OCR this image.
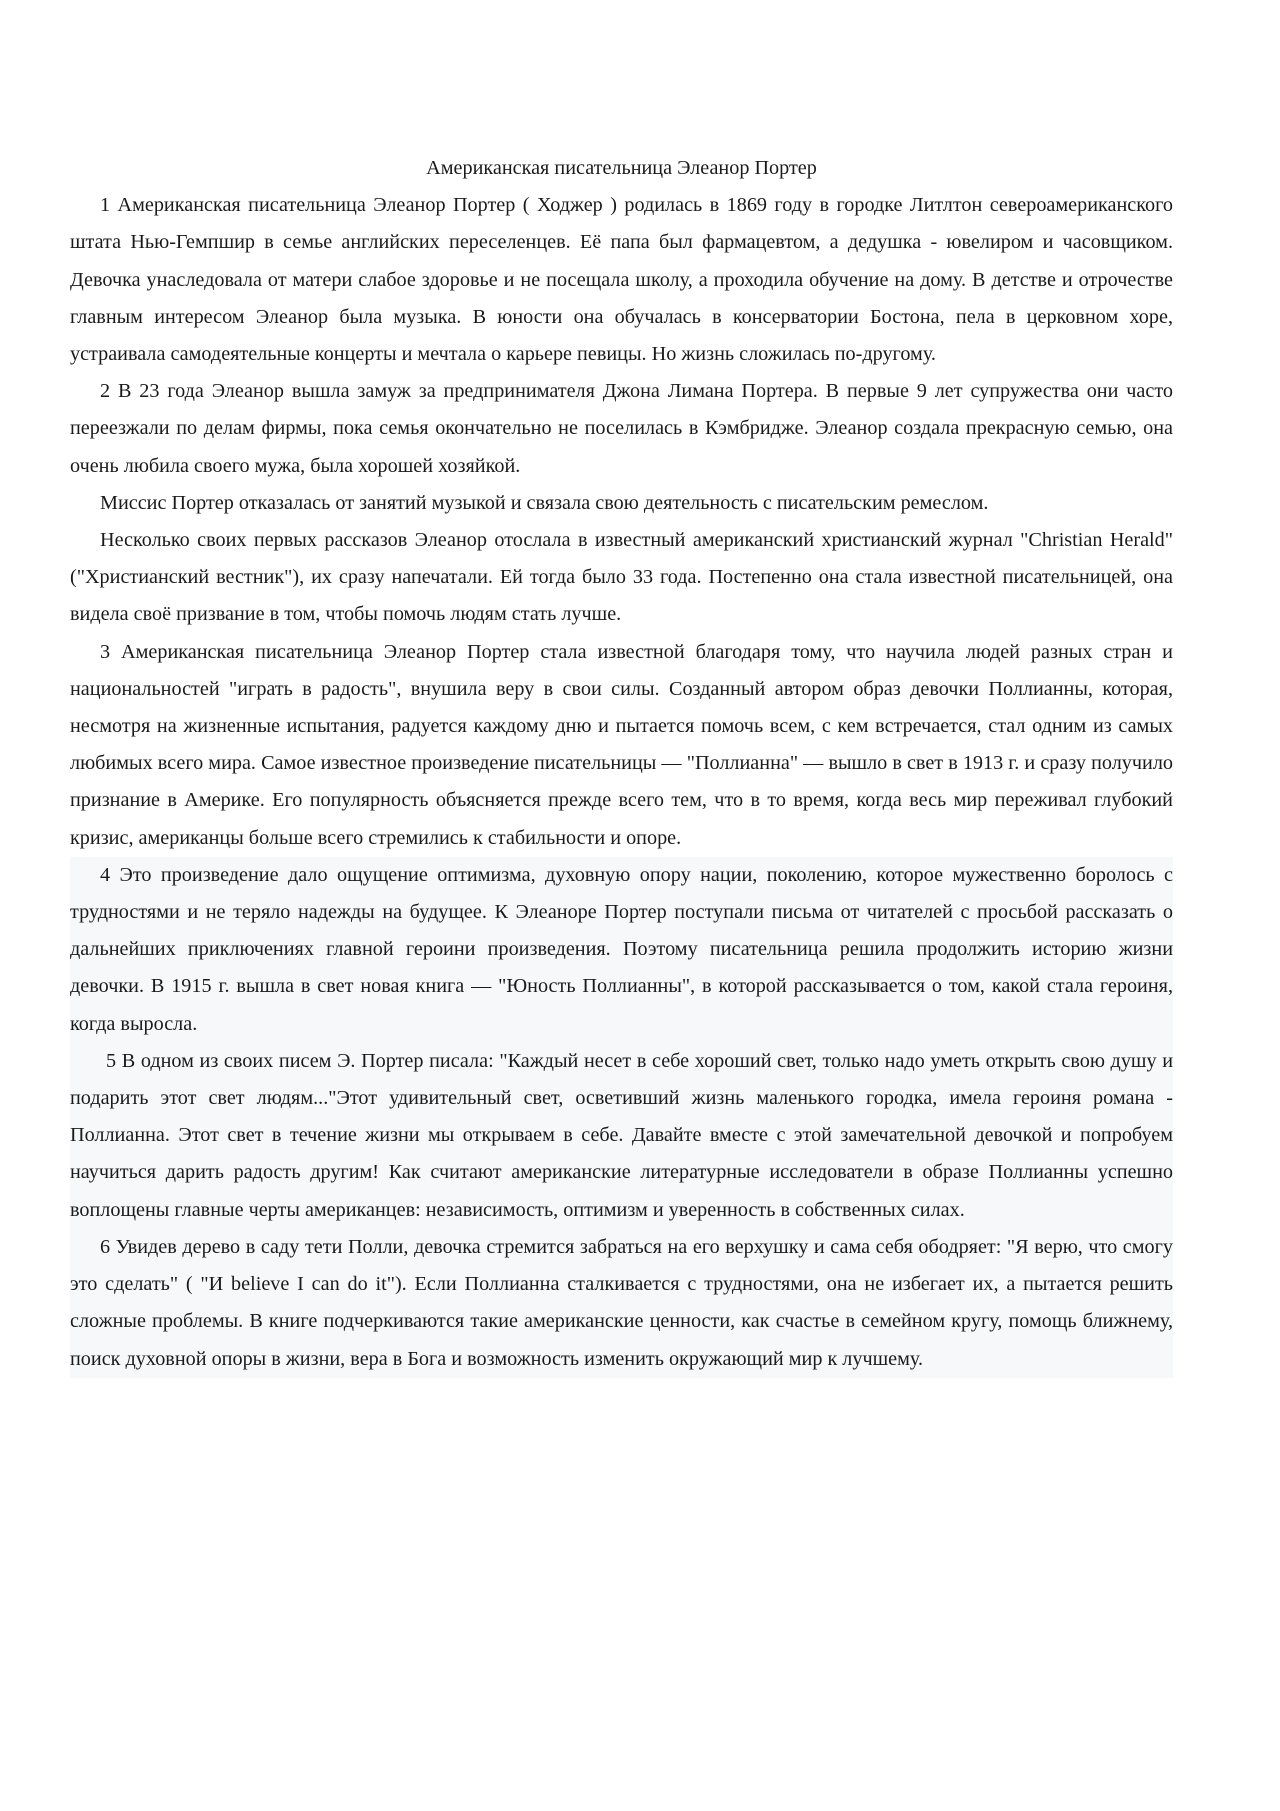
Американская писательница Элеанор Портер

1 Американская писательница Элеанор Портер ( Ходжер ) родилась в 1869 году в городке Литлтон североамериканского штата Нью-Гемпшир в семье английских переселенцев. Её папа был фармацевтом, а дедушка - ювелиром и часовщиком. Девочка унаследовала от матери слабое здоровье и не посещала школу, а проходила обучение на дому. В детстве и отрочестве главным интересом Элеанор была музыка. В юности она обучалась в консерватории Бостона, пела в церковном хоре, устраивала самодеятельные концерты и мечтала о карьере певицы. Но жизнь сложилась по-другому.

2 В 23 года Элеанор вышла замуж за предпринимателя Джона Лимана Портера. В первые 9 лет супружества они часто переезжали по делам фирмы, пока семья окончательно не поселилась в Кэмбридже. Элеанор создала прекрасную семью, она очень любила своего мужа, была хорошей хозяйкой.

Миссис Портер отказалась от занятий музыкой и связала свою деятельность с писательским ремеслом.

Несколько своих первых рассказов Элеанор отослала в известный американский христианский журнал "Christian Herald" ("Христианский вестник"), их сразу напечатали. Ей тогда было 33 года. Постепенно она стала известной писательницей, она видела своё призвание в том, чтобы помочь людям стать лучше.

3 Американская писательница Элеанор Портер стала известной благодаря тому, что научила людей разных стран и национальностей "играть в радость", внушила веру в свои силы. Созданный автором образ девочки Поллианны, которая, несмотря на жизненные испытания, радуется каждому дню и пытается помочь всем, с кем встречается, стал одним из самых любимых всего мира. Самое известное произведение писательницы — "Поллианна" — вышло в свет в 1913 г. и сразу получило признание в Америке. Его популярность объясняется прежде всего тем, что в то время, когда весь мир переживал глубокий кризис, американцы больше всего стремились к стабильности и опоре.

4 Это произведение дало ощущение оптимизма, духовную опору нации, поколению, которое мужественно боролось с трудностями и не теряло надежды на будущее. К Элеаноре Портер поступали письма от читателей с просьбой рассказать о дальнейших приключениях главной героини произведения. Поэтому писательница решила продолжить историю жизни девочки. В 1915 г. вышла в свет новая книга — "Юность Поллианны", в которой рассказывается о том, какой стала героиня, когда выросла.

5 В одном из своих писем Э. Портер писала: "Каждый несет в себе хороший свет, только надо уметь открыть свою душу и подарить этот свет людям..."Этот удивительный свет, осветивший жизнь маленького городка, имела героиня романа - Поллианна. Этот свет в течение жизни мы открываем в себе. Давайте вместе с этой замечательной девочкой и попробуем научиться дарить радость другим! Как считают американские литературные исследователи в образе Поллианны успешно воплощены главные черты американцев: независимость, оптимизм и уверенность в собственных силах.

6 Увидев дерево в саду тети Полли, девочка стремится забраться на его верхушку и сама себя ободряет: "Я верю, что смогу это сделать" ( "И believe I can do it"). Если Поллианна сталкивается с трудностями, она не избегает их, а пытается решить сложные проблемы. В книге подчеркиваются такие американские ценности, как счастье в семейном кругу, помощь ближнему, поиск духовной опоры в жизни, вера в Бога и возможность изменить окружающий мир к лучшему.
